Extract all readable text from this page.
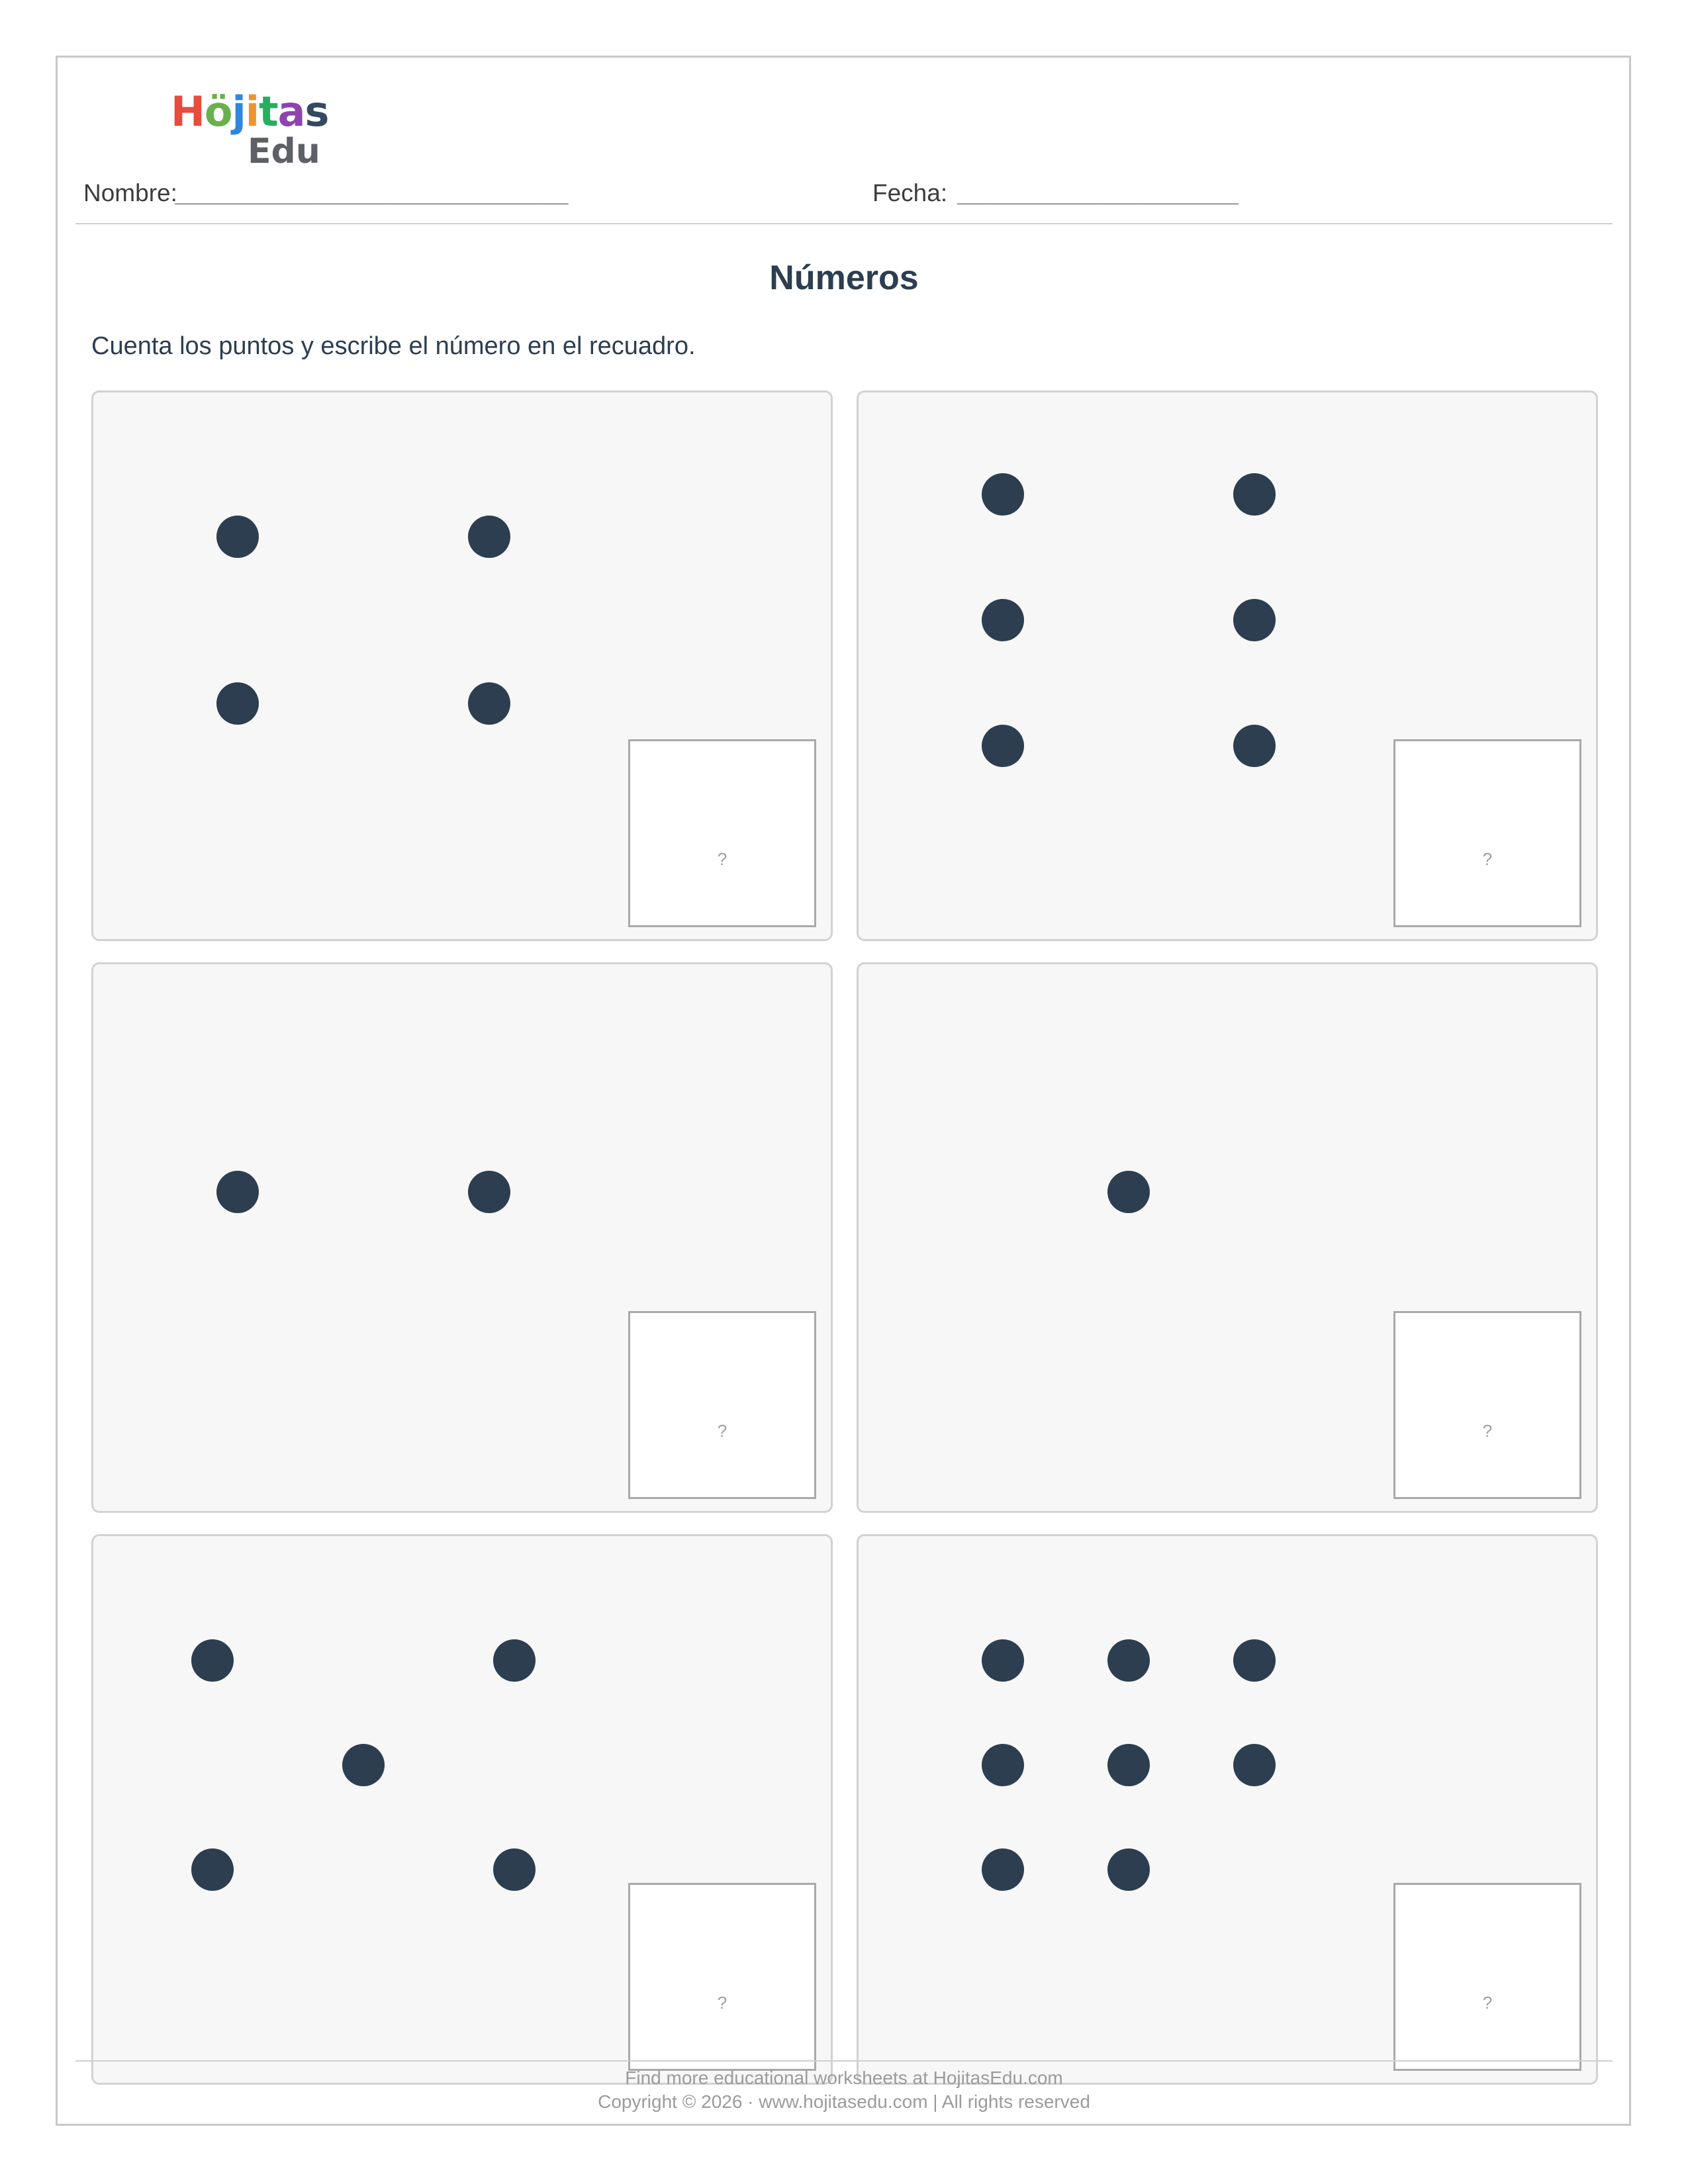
Höjitas
Edu
Nombre:
____________________________	Fecha: ____________________
Números
Cuenta los puntos y escribe el número en el recuadro.
?	?
?	?
?	?
Find more educational worksheets at HojitasEdu.com
Copyright © 2026 · www.hojitasedu.com | All rights reserved
